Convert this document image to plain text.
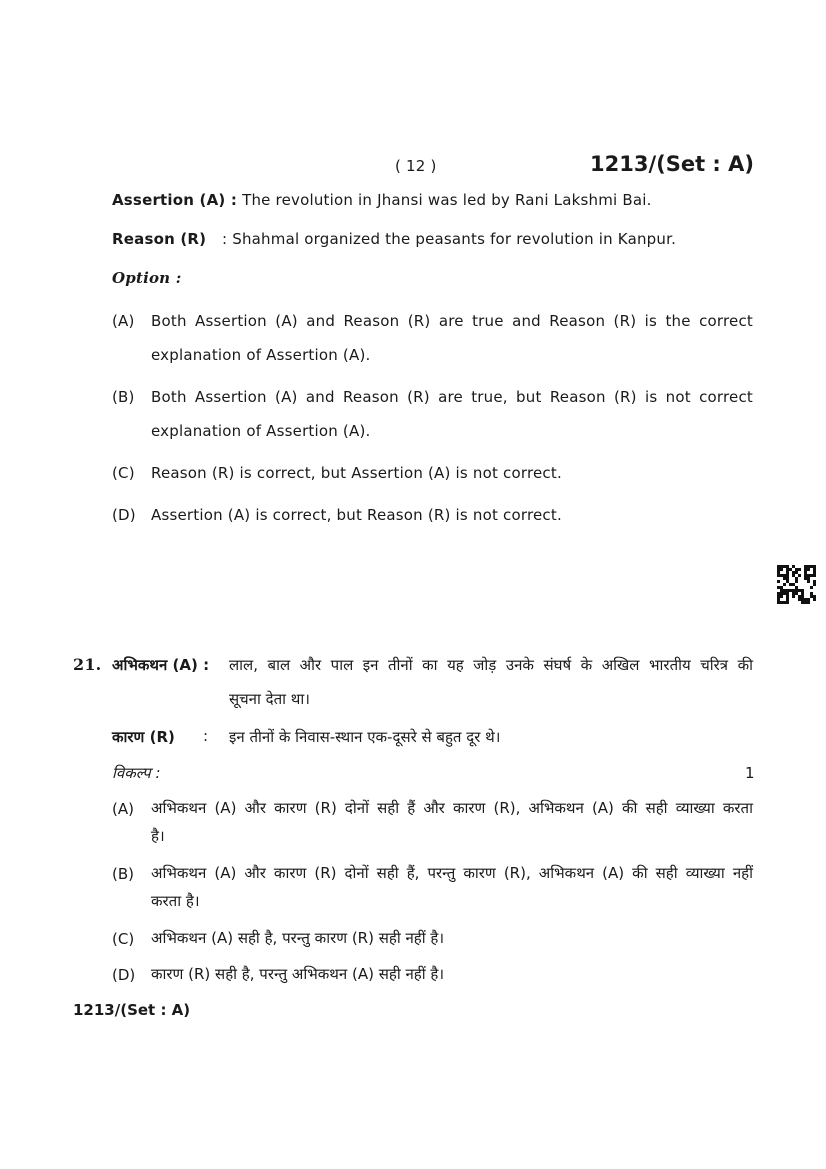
( 12 )	1213/(Set : A)
Assertion (A) : The revolution in Jhansi was led by Rani Lakshmi Bai.
Reason (R) : Shahmal organized the peasants for revolution in Kanpur.
Option :
(A) Both Assertion (A) and Reason (R) are true and Reason (R) is the correct
explanation of Assertion (A).
(B) Both Assertion (A) and Reason (R) are true, but Reason (R) is not correct
explanation of Assertion (A).
(C) Reason (R) is correct, but Assertion (A) is not correct.
(D) Assertion (A) is correct, but Reason (R) is not correct.
21. अभिकथन (A) : लाल, बाल और पाल इन तीनों का यह जोड़ उनके संघर्ष के अखिल भारतीय चरित्र की
सूचना देता था।
कारण (R) : इन तीनों के निवास-स्थान एक-दूसरे से बहुत दूर थे।
विकल्प :	1
(A) अभिकथन (A) और कारण (R) दोनों सही हैं और कारण (R), अभिकथन (A) की सही व्याख्या करता
है।
(B) अभिकथन (A) और कारण (R) दोनों सही हैं, परन्तु कारण (R), अभिकथन (A) की सही व्याख्या नहीं
करता है।
(C) अभिकथन (A) सही है, परन्तु कारण (R) सही नहीं है।
(D) कारण (R) सही है, परन्तु अभिकथन (A) सही नहीं है।
1213/(Set : A)
